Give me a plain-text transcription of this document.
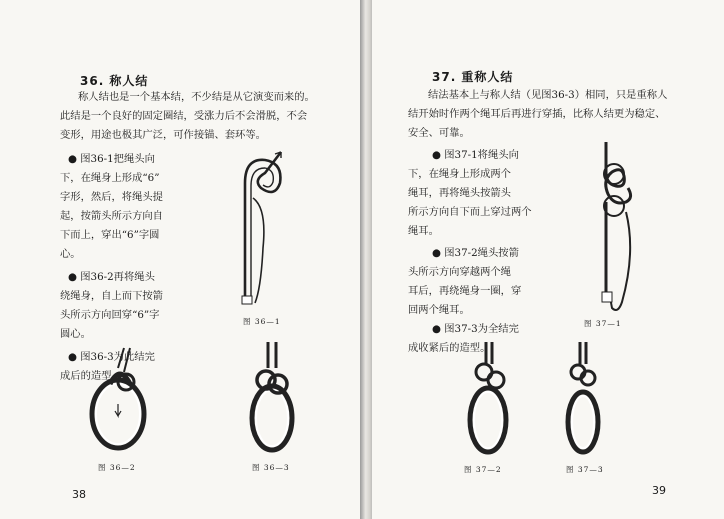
36. 称人结
称人结也是一个基本结，不少结是从它演变而来的。
此结是一个良好的固定圈结，受涨力后不会滑脱，不会
变形，用途也极其广泛，可作接锚、套环等。
● 图36-1把绳头向
下，在绳身上形成“6”
字形，然后，将绳头提
起，按箭头所示方向自
下而上，穿出“6”字圆
心。
● 图36-2再将绳头
绕绳身，自上而下按箭
头所示方向回穿“6”字
圆心。
● 图36-3为此结完
成后的造型。
图 36—1
图 36—2	图 36—3
38
37. 重称人结
结法基本上与称人结（见图36-3）相同，只是重称人
结开始时作两个绳耳后再进行穿插，比称人结更为稳定、
安全、可靠。
● 图37-1将绳头向
下，在绳身上形成两个
绳耳，再将绳头按箭头
所示方向自下而上穿过两个
绳耳。
● 图37-2绳头按箭
头所示方向穿越两个绳
耳后，再绕绳身一圈，穿
回两个绳耳。
● 图37-3为全结完
成收紧后的造型。
图 37—1
图 37—2	图 37—3
39
